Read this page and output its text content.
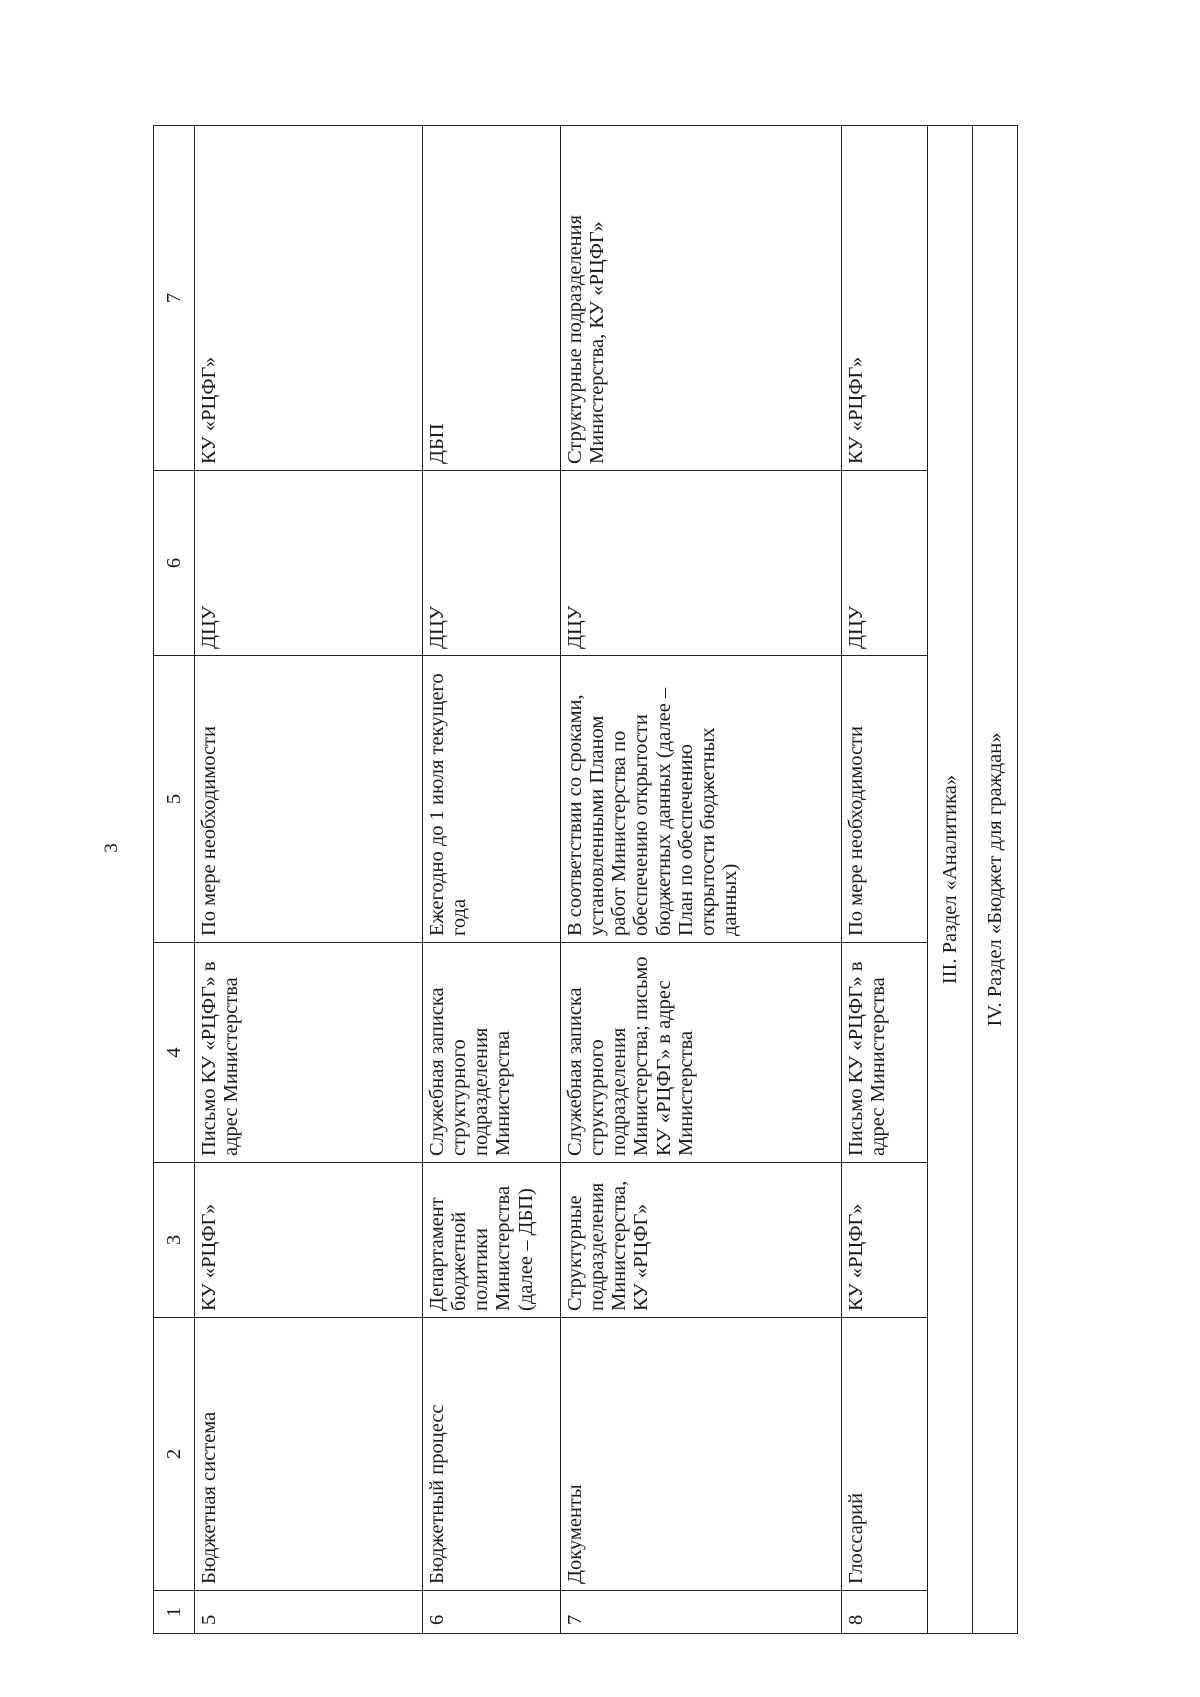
3
1	2	3	4	5	6	7
5	Бюджетная система	КУ «РЦФГ»	Письмо КУ «РЦФГ» в адрес Министерства	По мере необходимости	ДЦУ	КУ «РЦФГ»
6	Бюджетный процесс	Департамент бюджетной политики Министерства (далее – ДБП)	Служебная записка структурного подразделения Министерства	Ежегодно до 1 июля текущего года	ДЦУ	ДБП
7	Документы	Структурные подразделения Министерства, КУ «РЦФГ»	Служебная записка структурного подразделения Министерства; письмо КУ «РЦФГ» в адрес Министерства	В соответствии со сроками, установленными Планом работ Министерства по обеспечению открытости бюджетных данных (далее – План по обеспечению открытости бюджетных данных)	ДЦУ	Структурные подразделения Министерства, КУ «РЦФГ»
8	Глоссарий	КУ «РЦФГ»	Письмо КУ «РЦФГ» в адрес Министерства	По мере необходимости	ДЦУ	КУ «РЦФГ»
III. Раздел «Аналитика»						
IV. Раздел «Бюджет для граждан»						
